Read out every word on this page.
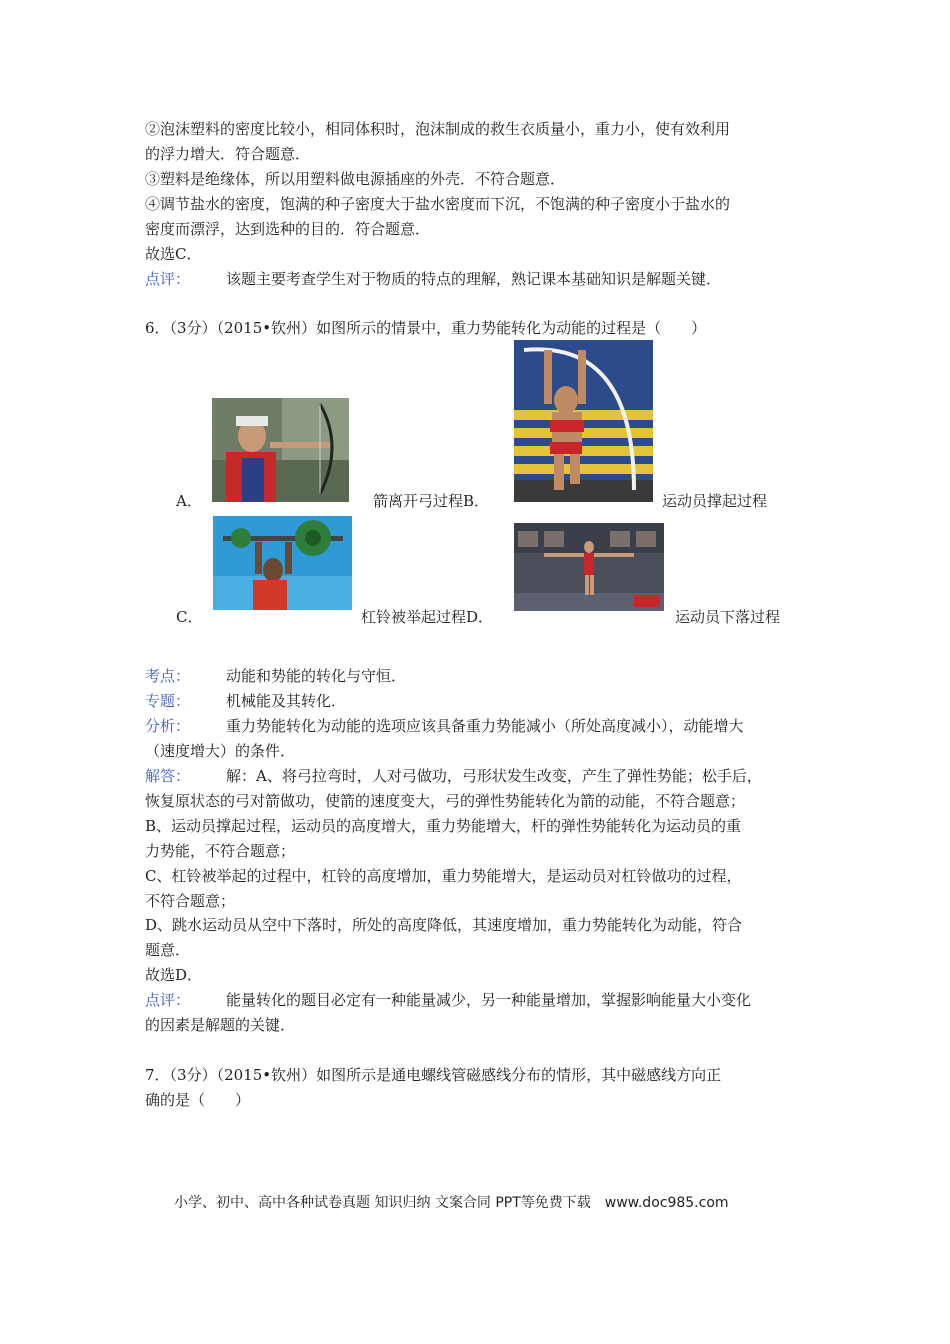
②泡沫塑料的密度比较小，相同体积时，泡沫制成的救生衣质量小，重力小，使有效利用
的浮力增大．符合题意．
③塑料是绝缘体，所以用塑料做电源插座的外壳．不符合题意．
④调节盐水的密度，饱满的种子密度大于盐水密度而下沉，不饱满的种子密度小于盐水的
密度而漂浮，达到选种的目的．符合题意．
故选C．
点评： 该题主要考查学生对于物质的特点的理解，熟记课本基础知识是解题关键．
6．（3分）（2015•钦州）如图所示的情景中，重力势能转化为动能的过程是（　　）
A．	箭离开弓过程B．	运动员撑起过程
C．	杠铃被举起过程D．	运动员下落过程
考点： 动能和势能的转化与守恒．
专题： 机械能及其转化．
分析： 重力势能转化为动能的选项应该具备重力势能减小（所处高度减小），动能增大
（速度增大）的条件．
解答： 解：A、将弓拉弯时，人对弓做功，弓形状发生改变，产生了弹性势能；松手后，
恢复原状态的弓对箭做功，使箭的速度变大，弓的弹性势能转化为箭的动能，不符合题意；
B、运动员撑起过程，运动员的高度增大，重力势能增大，杆的弹性势能转化为运动员的重
力势能，不符合题意；
C、杠铃被举起的过程中，杠铃的高度增加，重力势能增大，是运动员对杠铃做功的过程，
不符合题意；
D、跳水运动员从空中下落时，所处的高度降低，其速度增加，重力势能转化为动能，符合
题意．
故选D．
点评： 能量转化的题目必定有一种能量减少，另一种能量增加，掌握影响能量大小变化
的因素是解题的关键．
7．（3分）（2015•钦州）如图所示是通电螺线管磁感线分布的情形，其中磁感线方向正
确的是（　　）
小学、初中、高中各种试卷真题 知识归纳 文案合同 PPT等免费下载　www.doc985.com
